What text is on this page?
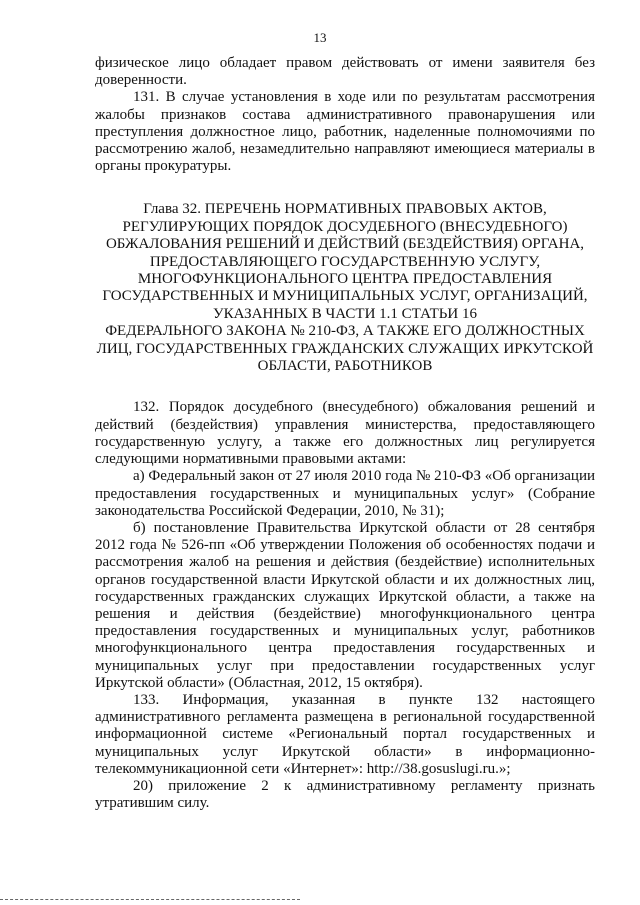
13

физическое лицо обладает правом действовать от имени заявителя без доверенности.

131. В случае установления в ходе или по результатам рассмотрения жалобы признаков состава административного правонарушения или преступления должностное лицо, работник, наделенные полномочиями по рассмотрению жалоб, незамедлительно направляют имеющиеся материалы в органы прокуратуры.

Глава 32. ПЕРЕЧЕНЬ НОРМАТИВНЫХ ПРАВОВЫХ АКТОВ,
РЕГУЛИРУЮЩИХ ПОРЯДОК ДОСУДЕБНОГО (ВНЕСУДЕБНОГО)
ОБЖАЛОВАНИЯ РЕШЕНИЙ И ДЕЙСТВИЙ (БЕЗДЕЙСТВИЯ) ОРГАНА,
ПРЕДОСТАВЛЯЮЩЕГО ГОСУДАРСТВЕННУЮ УСЛУГУ,
МНОГОФУНКЦИОНАЛЬНОГО ЦЕНТРА ПРЕДОСТАВЛЕНИЯ
ГОСУДАРСТВЕННЫХ И МУНИЦИПАЛЬНЫХ УСЛУГ, ОРГАНИЗАЦИЙ,
УКАЗАННЫХ В ЧАСТИ 1.1 СТАТЬИ 16
ФЕДЕРАЛЬНОГО ЗАКОНА № 210-ФЗ, А ТАКЖЕ ЕГО ДОЛЖНОСТНЫХ
ЛИЦ, ГОСУДАРСТВЕННЫХ ГРАЖДАНСКИХ СЛУЖАЩИХ ИРКУТСКОЙ
ОБЛАСТИ, РАБОТНИКОВ

132. Порядок досудебного (внесудебного) обжалования решений и действий (бездействия) управления министерства, предоставляющего государственную услугу, а также его должностных лиц регулируется следующими нормативными правовыми актами:

а) Федеральный закон от 27 июля 2010 года № 210-ФЗ «Об организации предоставления государственных и муниципальных услуг» (Собрание законодательства Российской Федерации, 2010, № 31);

б) постановление Правительства Иркутской области от 28 сентября 2012 года № 526-пп «Об утверждении Положения об особенностях подачи и рассмотрения жалоб на решения и действия (бездействие) исполнительных органов государственной власти Иркутской области и их должностных лиц, государственных гражданских служащих Иркутской области, а также на решения и действия (бездействие) многофункционального центра предоставления государственных и муниципальных услуг, работников многофункционального центра предоставления государственных и муниципальных услуг при предоставлении государственных услуг Иркутской области» (Областная, 2012, 15 октября).

133. Информация, указанная в пункте 132 настоящего административного регламента размещена в региональной государственной информационной системе «Региональный портал государственных и муниципальных услуг Иркутской области» в информационно-телекоммуникационной сети «Интернет»: http://38.gosuslugi.ru.»;

20) приложение 2 к административному регламенту признать утратившим силу.
